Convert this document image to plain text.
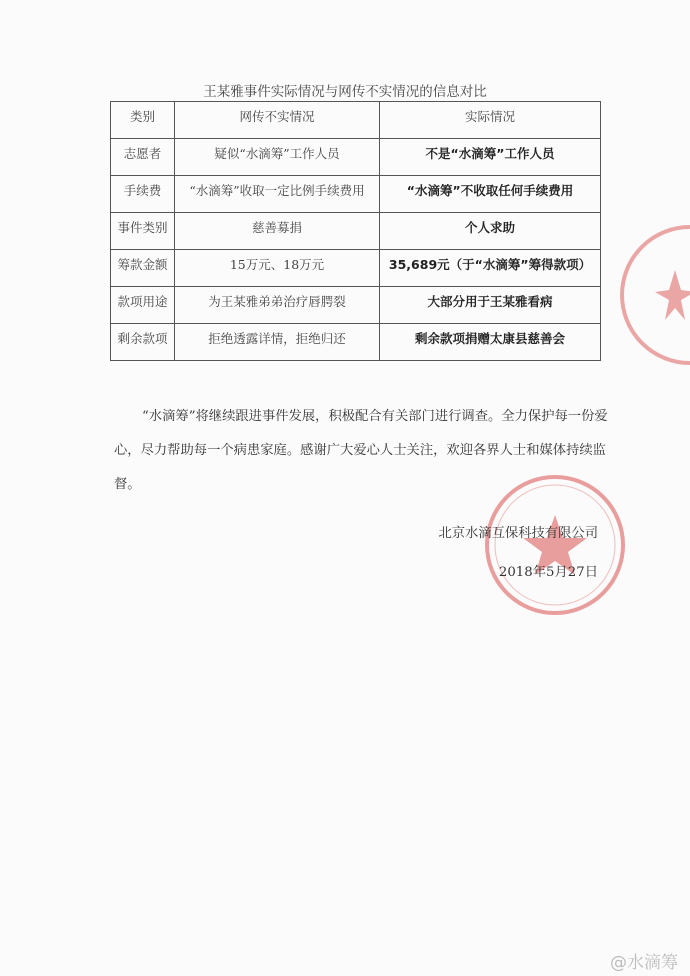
王某雅事件实际情况与网传不实情况的信息对比
类别	网传不实情况	实际情况
志愿者	疑似“水滴筹”工作人员	不是“水滴筹”工作人员
手续费	“水滴筹”收取一定比例手续费用	“水滴筹”不收取任何手续费用
事件类别	慈善募捐	个人求助
筹款金额	15万元、18万元	35,689元（于“水滴筹”筹得款项）
款项用途	为王某雅弟弟治疗唇腭裂	大部分用于王某雅看病
剩余款项	拒绝透露详情，拒绝归还	剩余款项捐赠太康县慈善会
“水滴筹”将继续跟进事件发展，积极配合有关部门进行调查。全力保护每一份爱心，尽力帮助每一个病患家庭。感谢广大爱心人士关注，欢迎各界人士和媒体持续监督。
北京水滴互保科技有限公司
2018年5月27日
@水滴筹
